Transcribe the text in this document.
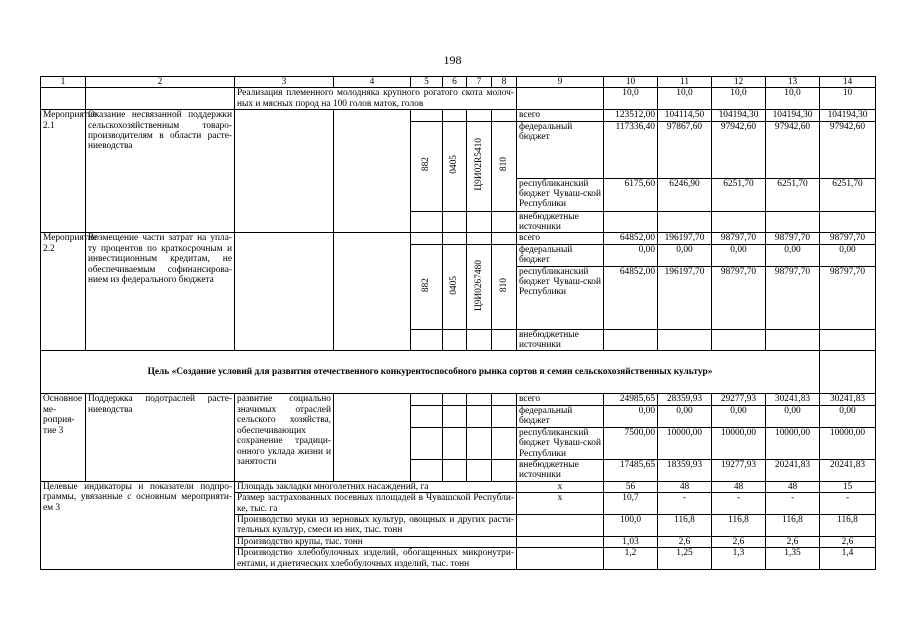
198
1	2	3	4	5	6	7	8	9	10	11	12	13	14
		Реализация племенного молодняка крупного рогатого скота молоч-ных и мясных пород на 100 голов маток, голов							10,0	10,0	10,0	10,0	10
Мероприятие 2.1	Оказание несвязанной поддержки сельскохозяйственным товаро-производителям в области расте-ниеводства							всего	123512,00	104114,50	104194,30	104194,30	104194,30
				882	0405	Ц9И02R5410	810	федеральный бюджет	117336,40	97867,60	97942,60	97942,60	97942,60
								республиканский бюджет Чуваш-ской Республики	6175,60	6246,90	6251,70	6251,70	6251,70
								внебюджетные источники					
Мероприятие 2.2	Возмещение части затрат на упла-ту процентов по краткосрочным и инвестиционным кредитам, не обеспечиваемым софинансирова-нием из федерального бюджета							всего	64852,00	196197,70	98797,70	98797,70	98797,70
				882	0405	Ц9И0267480	810	федеральный бюджет	0,00	0,00	0,00	0,00	0,00
								республиканский бюджет Чуваш-ской Республики	64852,00	196197,70	98797,70	98797,70	98797,70
								внебюджетные источники					
Цель «Создание условий для развития отечественного конкурентоспособного рынка сортов и семян сельскохозяйственных культур»													
Основное ме-роприя-тие 3	Поддержка подотраслей расте-ниеводства	развитие социально значимых отраслей сельского хозяйства, обеспечивающих сохранение традици-онного уклада жизни и занятости						всего	24985,65	28359,93	29277,93	30241,83	30241,83
								федеральный бюджет	0,00	0,00	0,00	0,00	0,00
								республиканский бюджет Чуваш-ской Республики	7500,00	10000,00	10000,00	10000,00	10000,00
								внебюджетные источники	17485,65	18359,93	19277,93	20241,83	20241,83
Целевые индикаторы и показатели подпро-граммы, увязанные с основным мероприяти-ем 3		Площадь закладки многолетних насаждений, га						x	56	48	48	48	15
		Размер застрахованных посевных площадей в Чувашской Республи-ке, тыс. га						x	10,7	-	-	-	-
		Производство муки из зерновых культур, овощных и других расти-тельных культур, смеси из них, тыс. тонн							100,0	116,8	116,8	116,8	116,8
		Производство крупы, тыс. тонн							1,03	2,6	2,6	2,6	2,6
		Производство хлебобулочных изделий, обогащенных микронутри-ентами, и диетических хлебобулочных изделий, тыс. тонн							1,2	1,25	1,3	1,35	1,4
